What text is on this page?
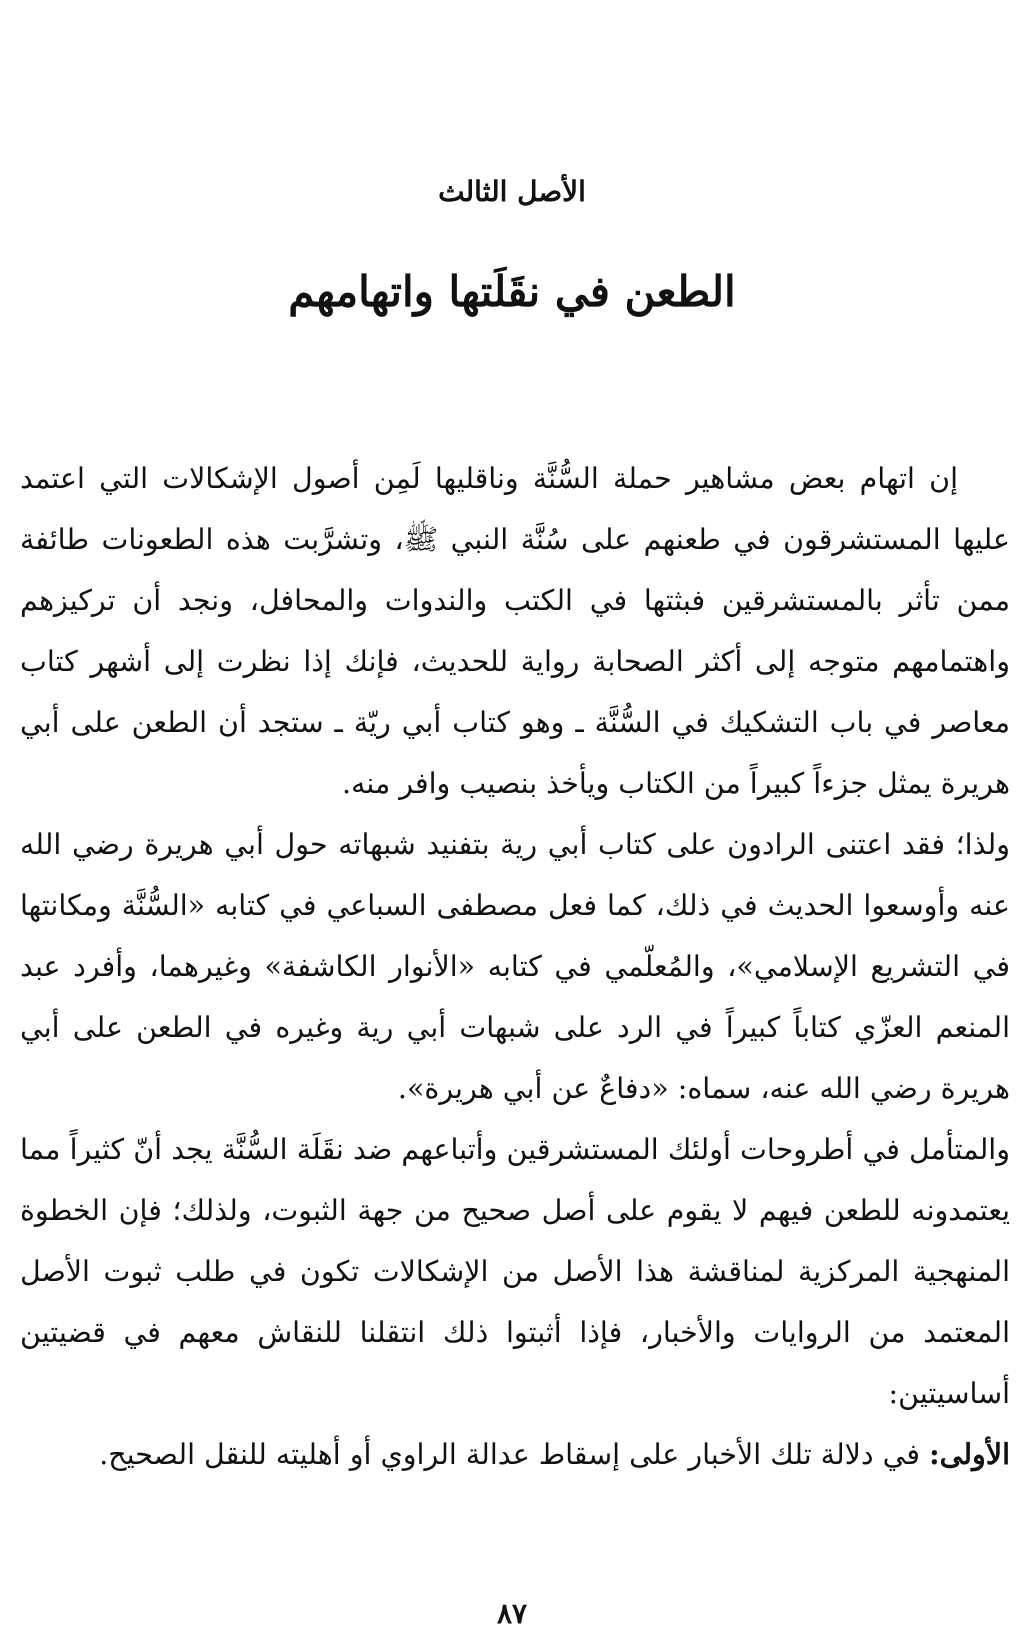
الأصل الثالث
الطعن في نقَلَتها واتهامهم

إن اتهام بعض مشاهير حملة السُّنَّة وناقليها لَمِن أصول الإشكالات التي اعتمد عليها المستشرقون في طعنهم على سُنَّة النبي ﷺ، وتشرَّبت هذه الطعونات طائفة ممن تأثر بالمستشرقين فبثتها في الكتب والندوات والمحافل، ونجد أن تركيزهم واهتمامهم متوجه إلى أكثر الصحابة رواية للحديث، فإنك إذا نظرت إلى أشهر كتاب معاصر في باب التشكيك في السُّنَّة ـ وهو كتاب أبي ريّة ـ ستجد أن الطعن على أبي هريرة يمثل جزءاً كبيراً من الكتاب ويأخذ بنصيب وافر منه.

ولذا؛ فقد اعتنى الرادون على كتاب أبي رية بتفنيد شبهاته حول أبي هريرة رضي الله عنه وأوسعوا الحديث في ذلك، كما فعل مصطفى السباعي في كتابه «السُّنَّة ومكانتها في التشريع الإسلامي»، والمُعلّمي في كتابه «الأنوار الكاشفة» وغيرهما، وأفرد عبد المنعم العزّي كتاباً كبيراً في الرد على شبهات أبي رية وغيره في الطعن على أبي هريرة رضي الله عنه، سماه: «دفاعٌ عن أبي هريرة».

والمتأمل في أطروحات أولئك المستشرقين وأتباعهم ضد نقَلَة السُّنَّة يجد أنّ كثيراً مما يعتمدونه للطعن فيهم لا يقوم على أصل صحيح من جهة الثبوت، ولذلك؛ فإن الخطوة المنهجية المركزية لمناقشة هذا الأصل من الإشكالات تكون في طلب ثبوت الأصل المعتمد من الروايات والأخبار، فإذا أثبتوا ذلك انتقلنا للنقاش معهم في قضيتين أساسيتين:

الأولى: في دلالة تلك الأخبار على إسقاط عدالة الراوي أو أهليته للنقل الصحيح.

٨٧
